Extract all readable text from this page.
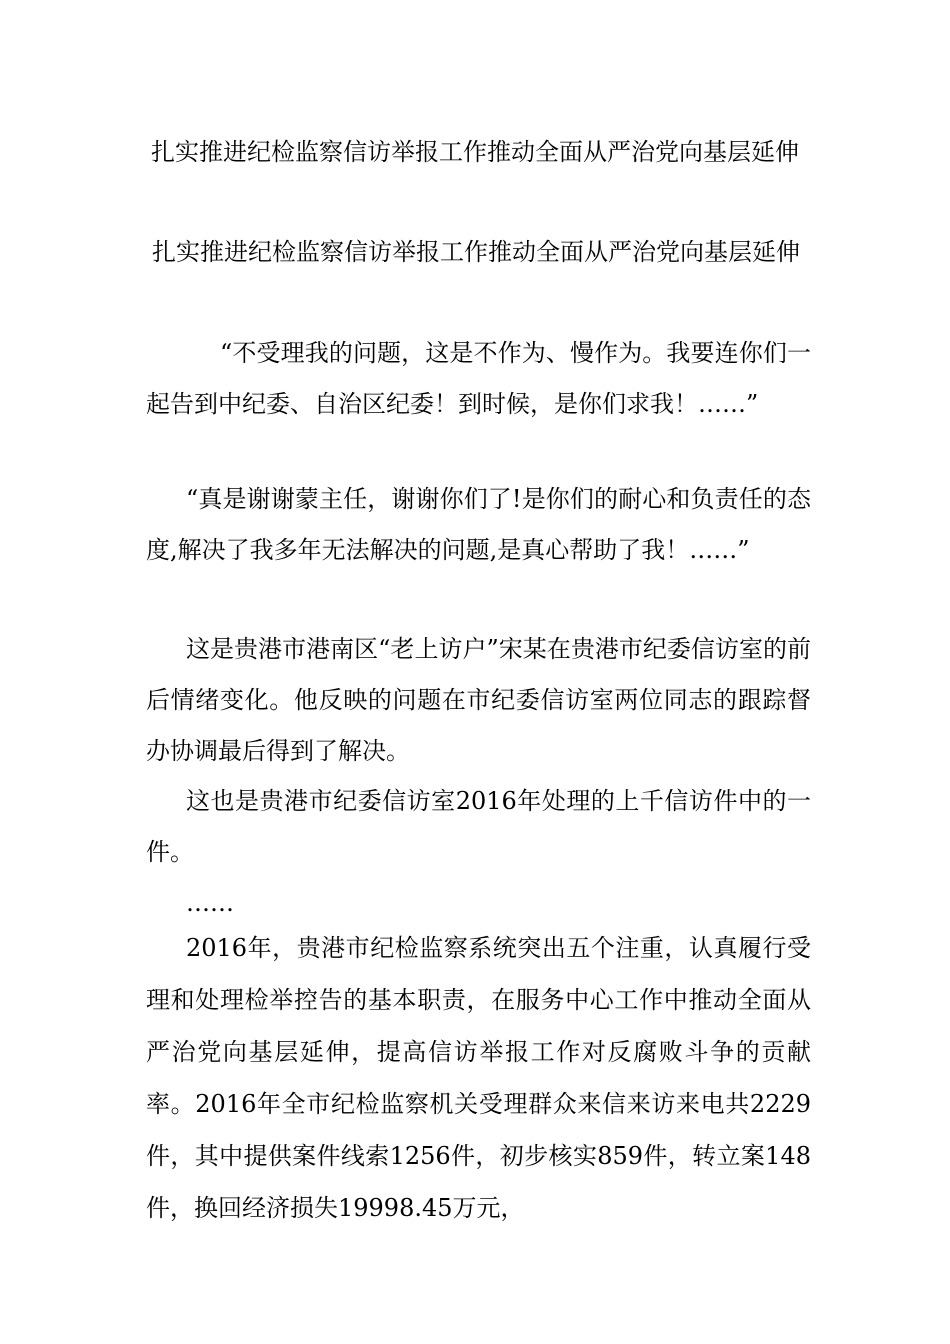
扎实推进纪检监察信访举报工作推动全面从严治党向基层延伸
扎实推进纪检监察信访举报工作推动全面从严治党向基层延伸
“不受理我的问题，这是不作为、慢作为。我要连你们一起告到中纪委、自治区纪委！到时候，是你们求我！……”
“真是谢谢蒙主任，谢谢你们了!是你们的耐心和负责任的态度,解决了我多年无法解决的问题,是真心帮助了我！……”
这是贵港市港南区“老上访户”宋某在贵港市纪委信访室的前后情绪变化。他反映的问题在市纪委信访室两位同志的跟踪督办协调最后得到了解决。
这也是贵港市纪委信访室2016年处理的上千信访件中的一件。
……
2016年，贵港市纪检监察系统突出五个注重，认真履行受理和处理检举控告的基本职责，在服务中心工作中推动全面从严治党向基层延伸，提高信访举报工作对反腐败斗争的贡献率。2016年全市纪检监察机关受理群众来信来访来电共2229件，其中提供案件线索1256件，初步核实859件，转立案148件，换回经济损失19998.45万元，
